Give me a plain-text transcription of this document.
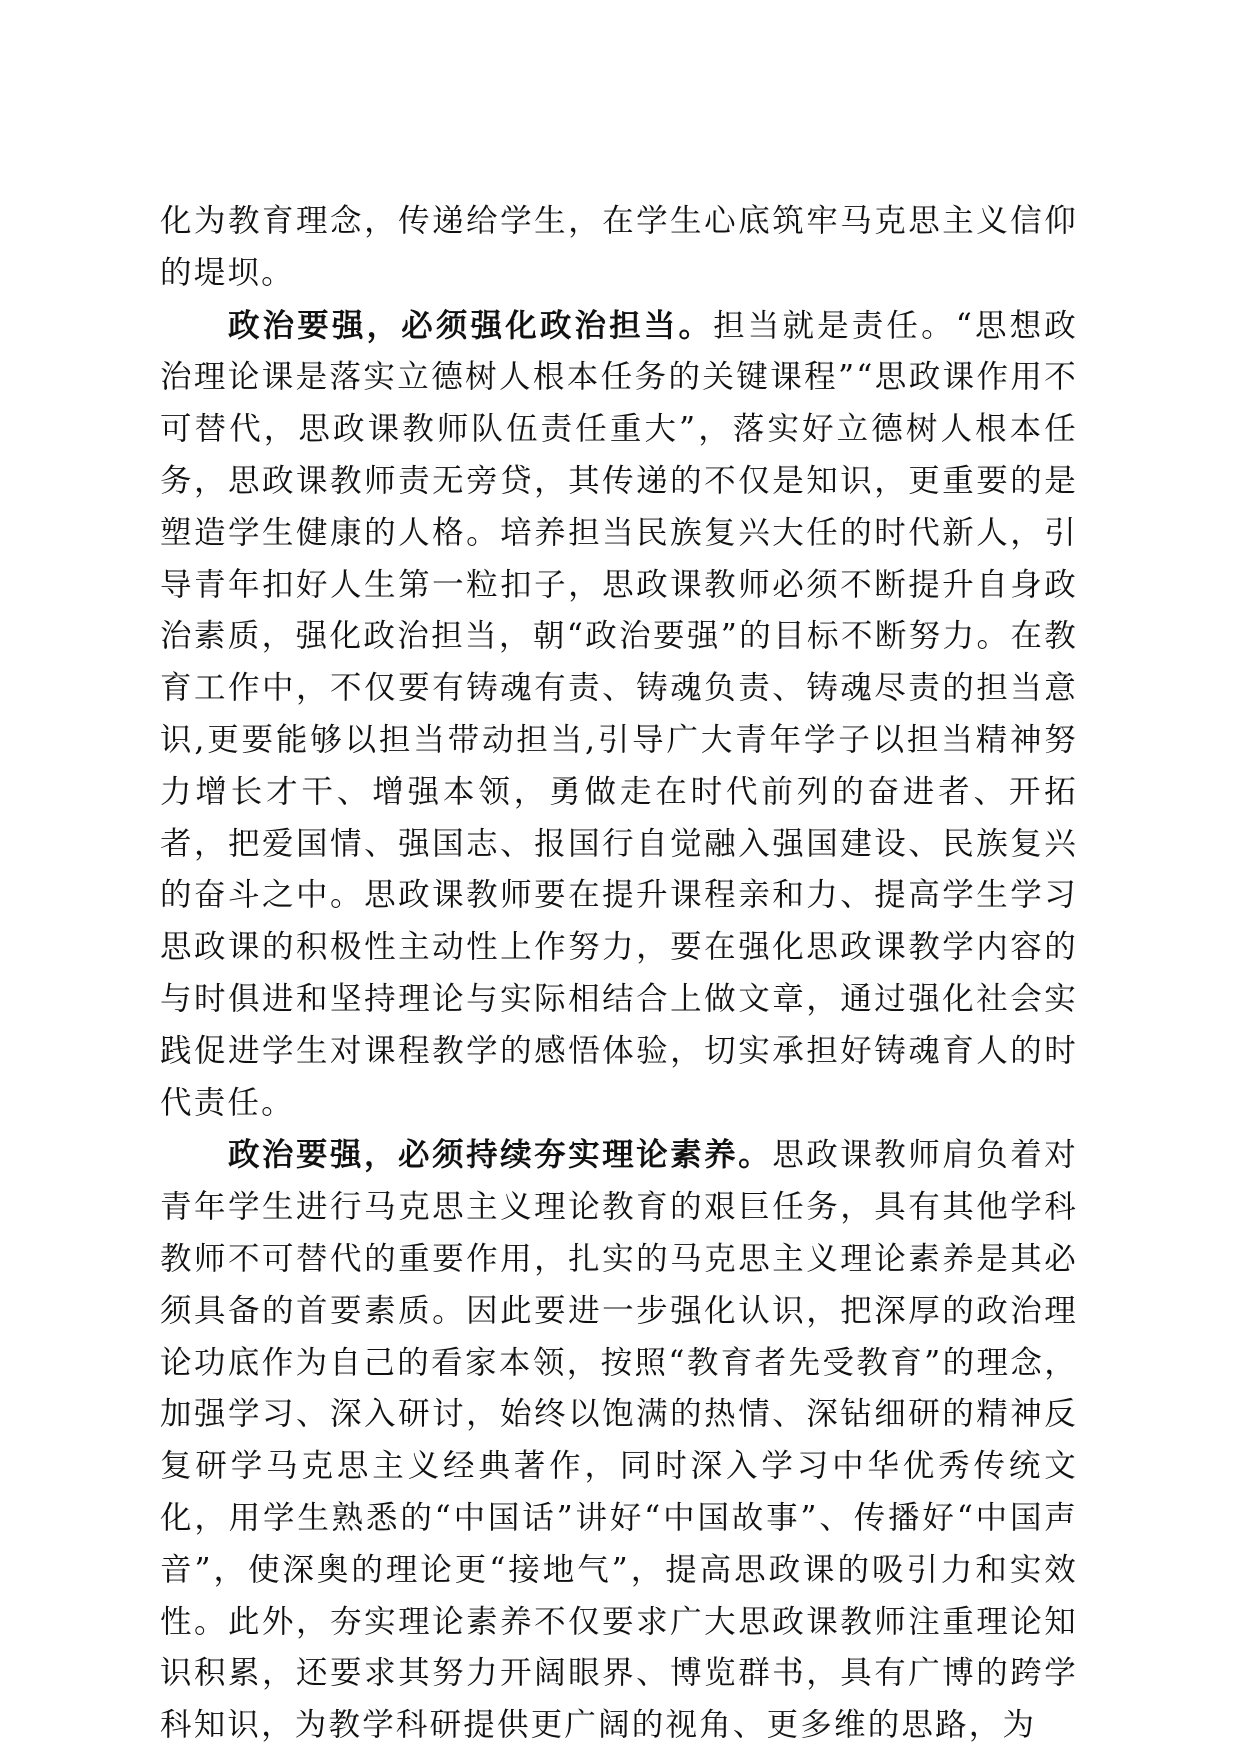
化为教育理念，传递给学生，在学生心底筑牢马克思主义信仰的堤坝。

政治要强，必须强化政治担当。担当就是责任。“思想政治理论课是落实立德树人根本任务的关键课程”“思政课作用不可替代，思政课教师队伍责任重大”，落实好立德树人根本任务，思政课教师责无旁贷，其传递的不仅是知识，更重要的是塑造学生健康的人格。培养担当民族复兴大任的时代新人，引导青年扣好人生第一粒扣子，思政课教师必须不断提升自身政治素质，强化政治担当，朝“政治要强”的目标不断努力。在教育工作中，不仅要有铸魂有责、铸魂负责、铸魂尽责的担当意识,更要能够以担当带动担当,引导广大青年学子以担当精神努力增长才干、增强本领，勇做走在时代前列的奋进者、开拓者，把爱国情、强国志、报国行自觉融入强国建设、民族复兴的奋斗之中。思政课教师要在提升课程亲和力、提高学生学习思政课的积极性主动性上作努力，要在强化思政课教学内容的与时俱进和坚持理论与实际相结合上做文章，通过强化社会实践促进学生对课程教学的感悟体验，切实承担好铸魂育人的时代责任。

政治要强，必须持续夯实理论素养。思政课教师肩负着对青年学生进行马克思主义理论教育的艰巨任务，具有其他学科教师不可替代的重要作用，扎实的马克思主义理论素养是其必须具备的首要素质。因此要进一步强化认识，把深厚的政治理论功底作为自己的看家本领，按照“教育者先受教育”的理念，加强学习、深入研讨，始终以饱满的热情、深钻细研的精神反复研学马克思主义经典著作，同时深入学习中华优秀传统文化，用学生熟悉的“中国话”讲好“中国故事”、传播好“中国声音”，使深奥的理论更“接地气”，提高思政课的吸引力和实效性。此外，夯实理论素养不仅要求广大思政课教师注重理论知识积累，还要求其努力开阔眼界、博览群书，具有广博的跨学科知识，为教学科研提供更广阔的视角、更多维的思路，为
